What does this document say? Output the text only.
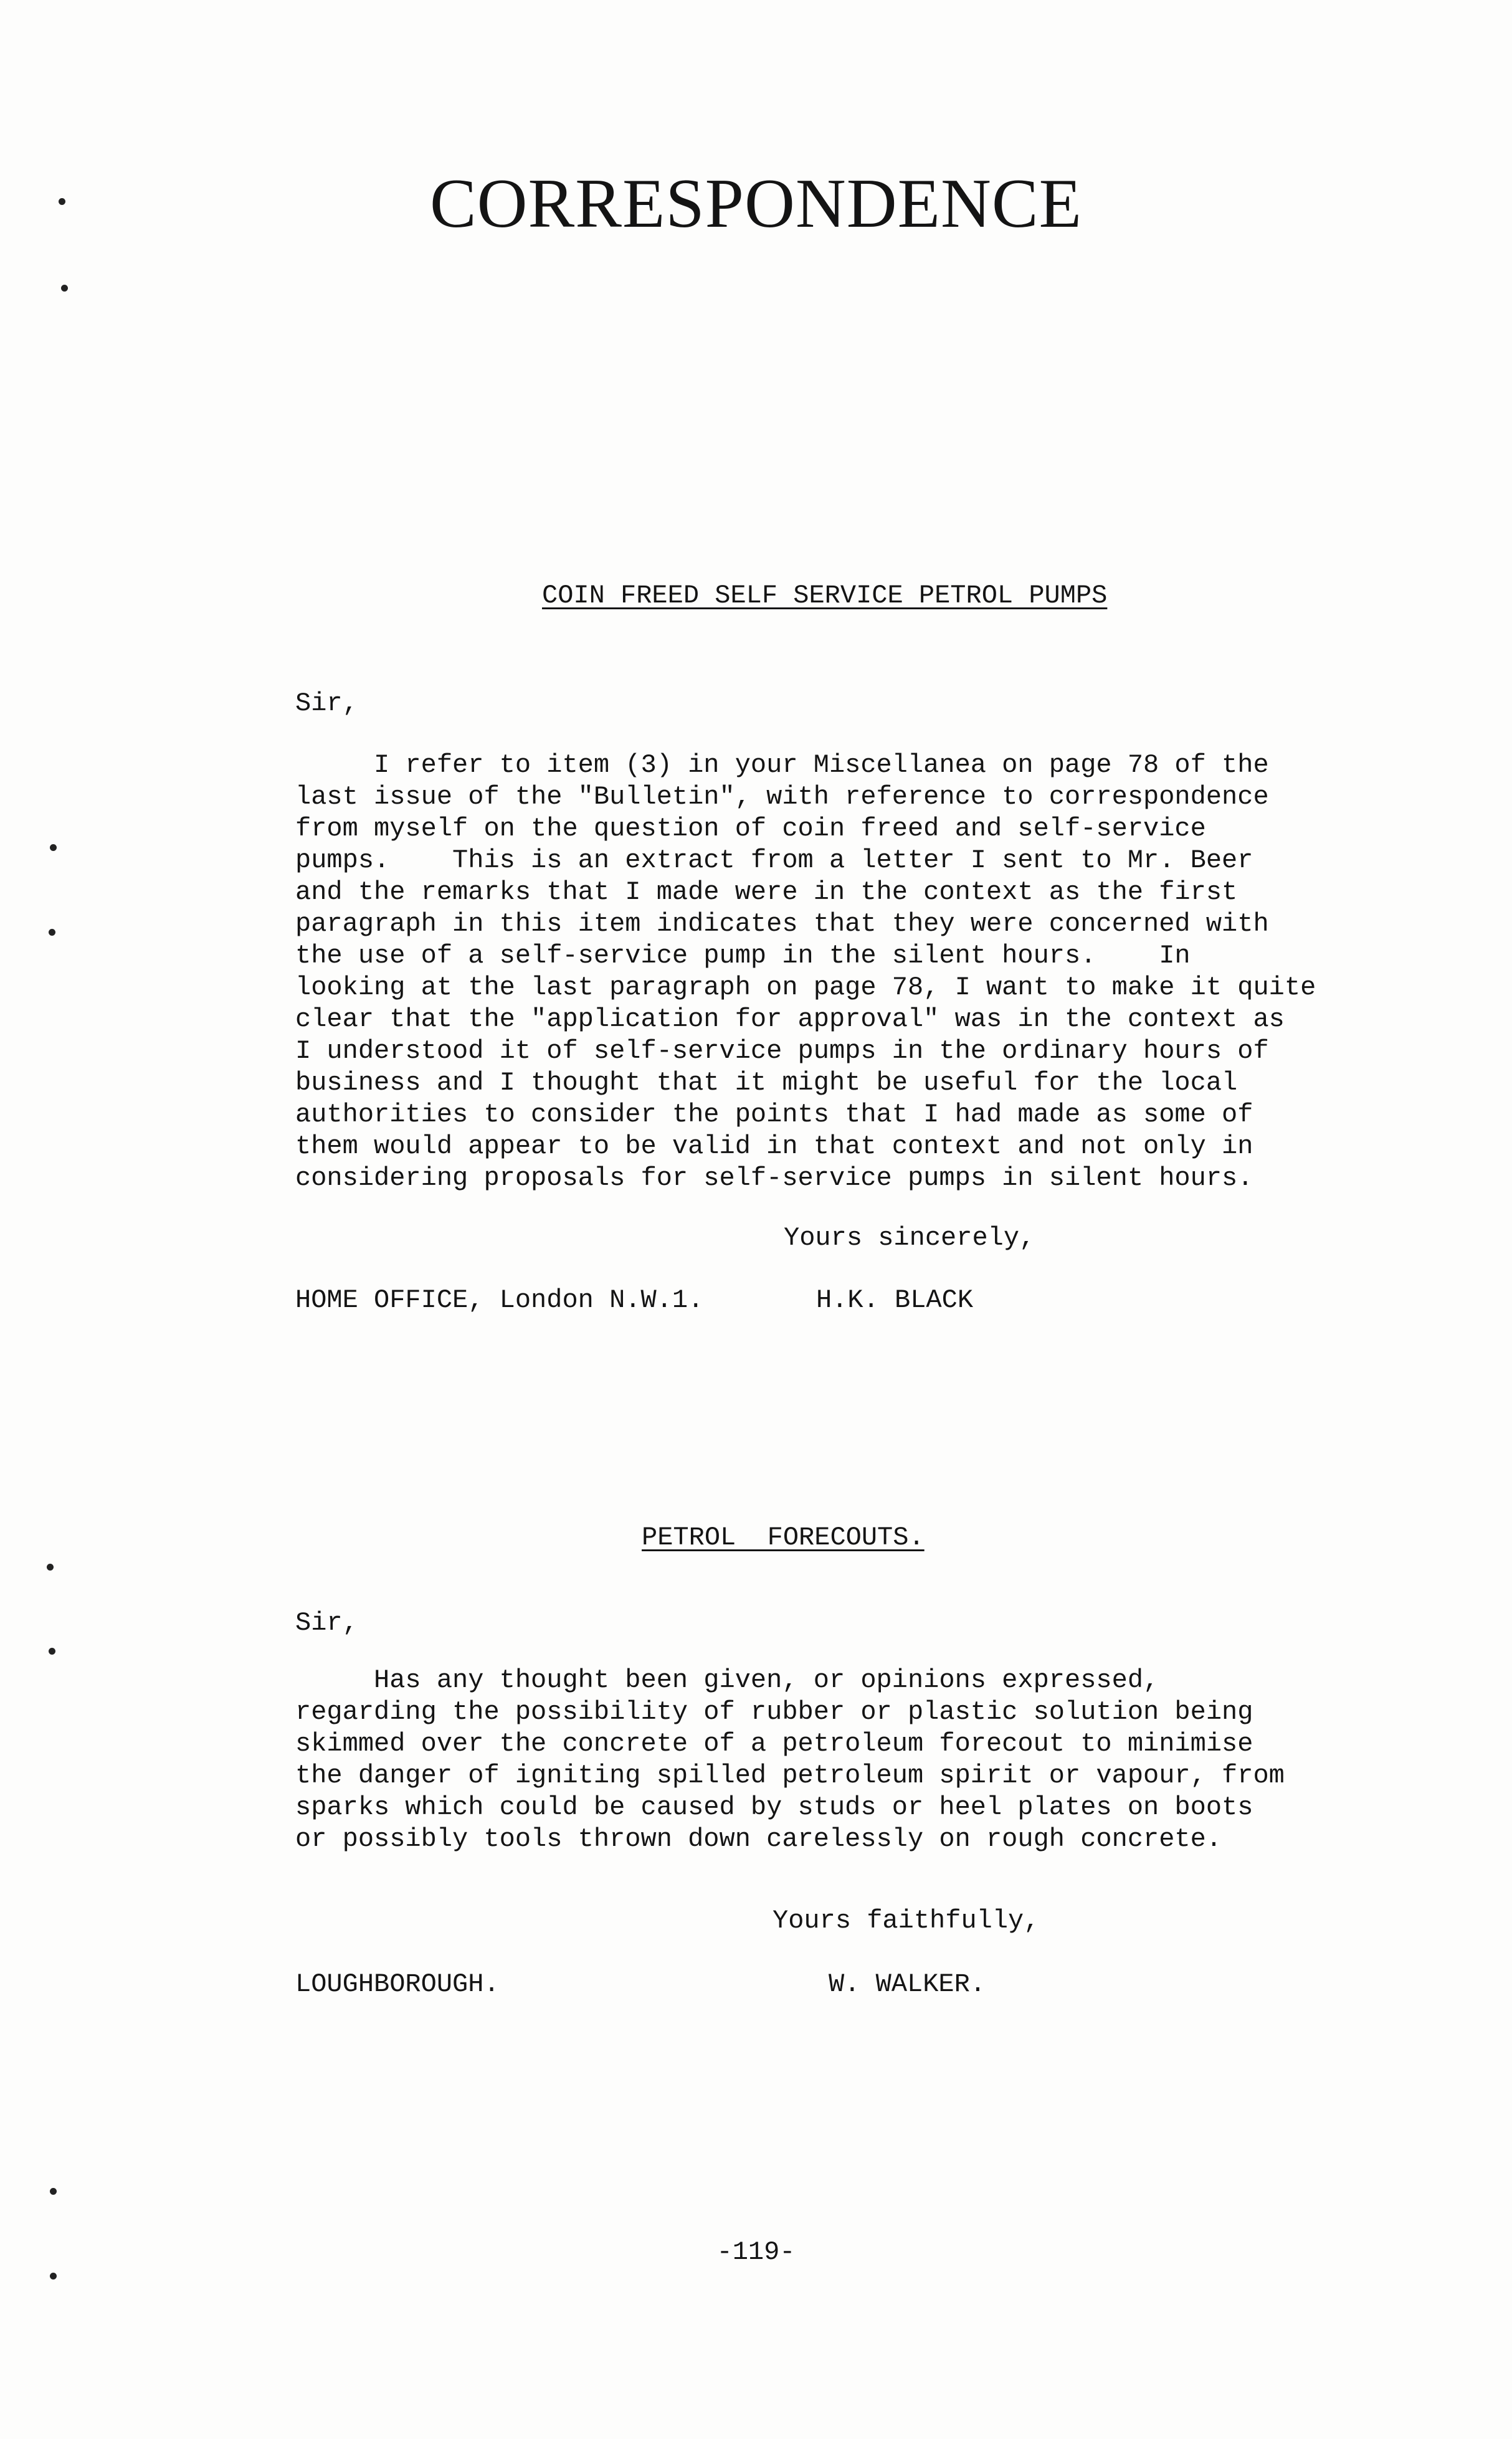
CORRESPONDENCE
COIN FREED SELF SERVICE PETROL PUMPS
Sir,

I refer to item (3) in your Miscellanea on page 78 of the
last issue of the "Bulletin", with reference to correspondence
from myself on the question of coin freed and self-service
pumps.    This is an extract from a letter I sent to Mr. Beer
and the remarks that I made were in the context as the first
paragraph in this item indicates that they were concerned with
the use of a self-service pump in the silent hours.    In
looking at the last paragraph on page 78, I want to make it quite
clear that the "application for approval" was in the context as
I understood it of self-service pumps in the ordinary hours of
business and I thought that it might be useful for the local
authorities to consider the points that I had made as some of
them would appear to be valid in that context and not only in
considering proposals for self-service pumps in silent hours.

Yours sincerely,
HOME OFFICE, London N.W.1.	H.K. BLACK
PETROL  FORECOUTS.
Sir,

Has any thought been given, or opinions expressed,
regarding the possibility of rubber or plastic solution being
skimmed over the concrete of a petroleum forecout to minimise
the danger of igniting spilled petroleum spirit or vapour, from
sparks which could be caused by studs or heel plates on boots
or possibly tools thrown down carelessly on rough concrete.

Yours faithfully,
LOUGHBOROUGH.	W. WALKER.
-119-
